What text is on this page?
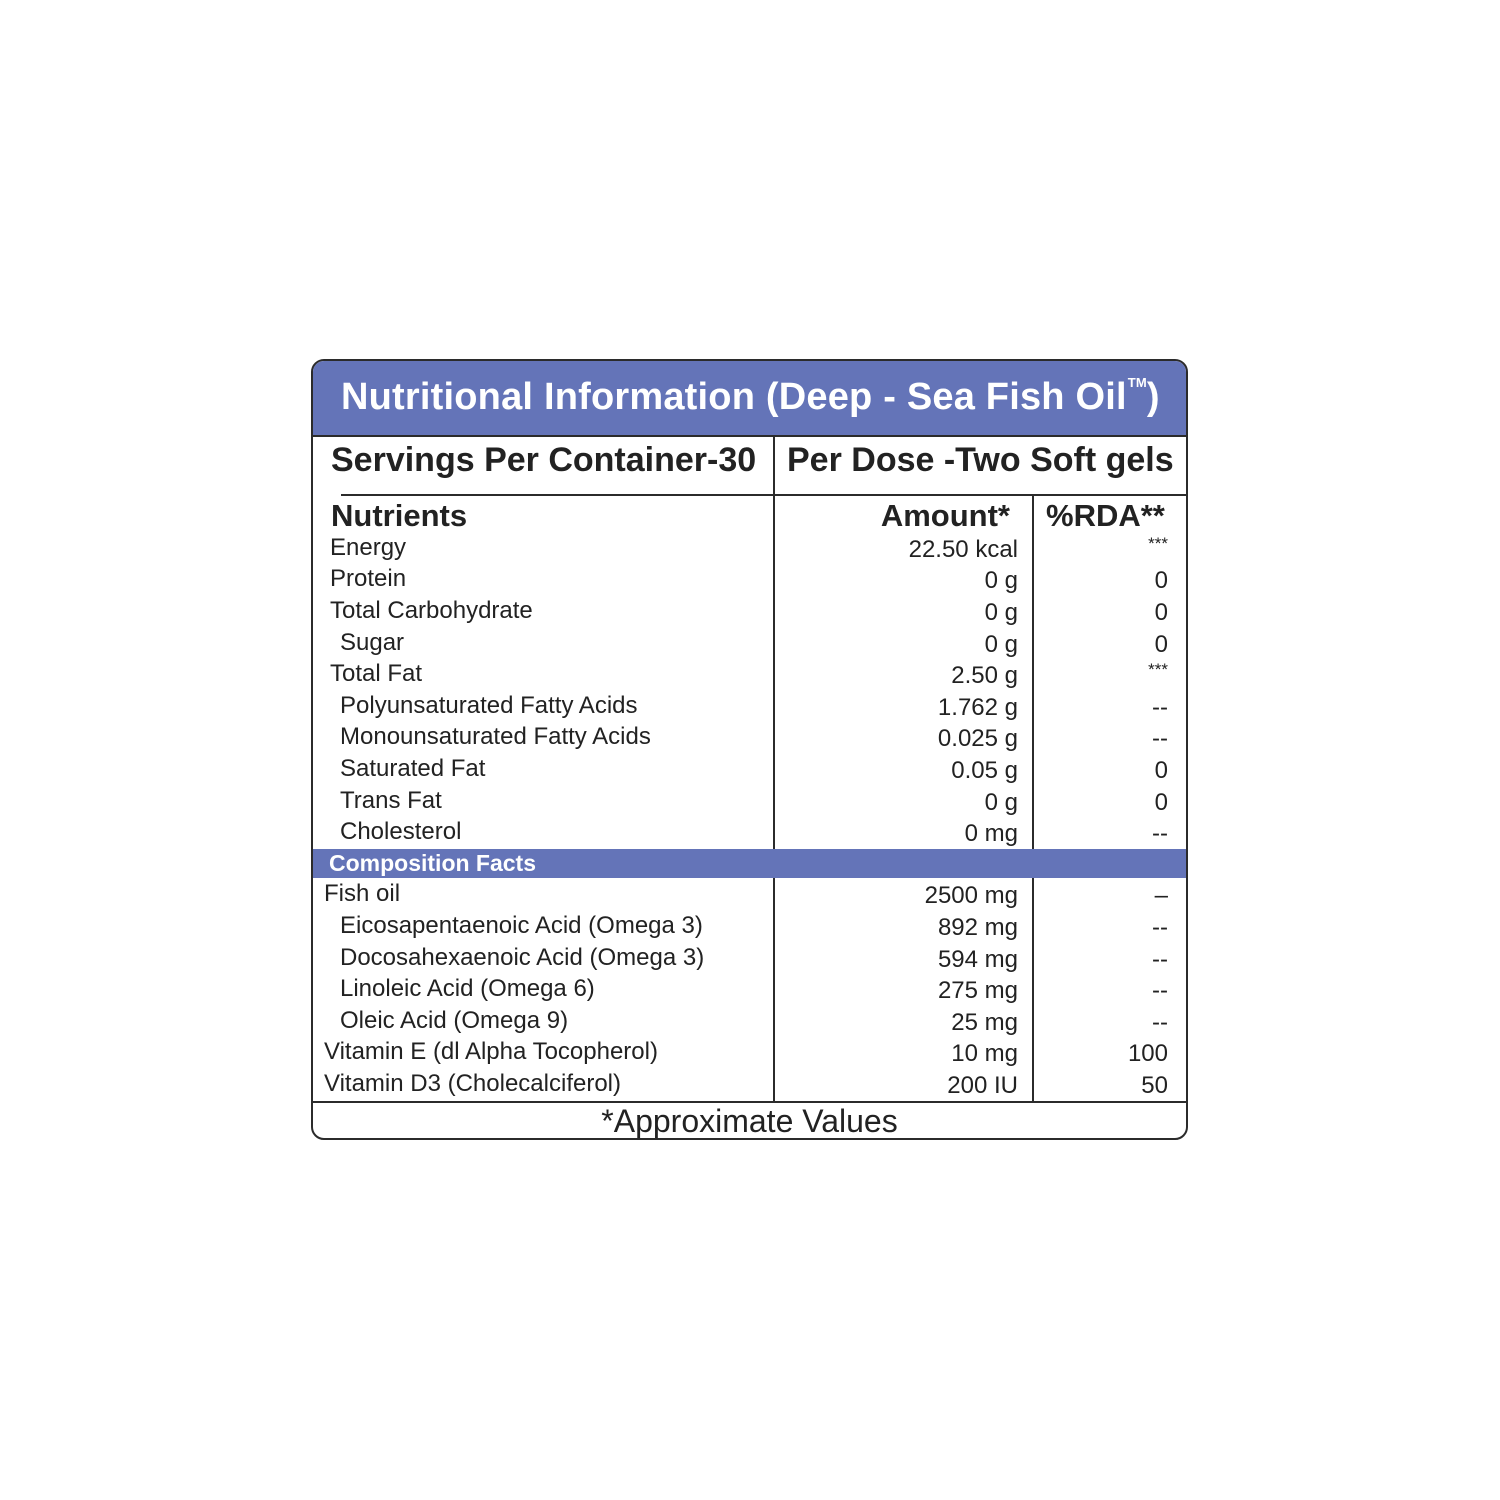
Nutritional Information (Deep - Sea Fish Oil™)
Servings Per Container-30 Per Dose -Two Soft gels
Nutrients	Amount* %RDA**
Energy	22.50 kcal	***
Protein	0 g	0
Total Carbohydrate	0 g	0
Sugar	0 g	0
Total Fat	2.50 g	***
Polyunsaturated Fatty Acids	1.762 g	--
Monounsaturated Fatty Acids	0.025 g	--
Saturated Fat	0.05 g	0
Trans Fat	0 g	0
Cholesterol	0 mg	--
Composition Facts
Fish oil	2500 mg	–
Eicosapentaenoic Acid (Omega 3)	892 mg	--
Docosahexaenoic Acid (Omega 3)	594 mg	--
Linoleic Acid (Omega 6)	275 mg	--
Oleic Acid (Omega 9)	25 mg	--
Vitamin E (dl Alpha Tocopherol)	10 mg	100
Vitamin D3 (Cholecalciferol)	200 IU	50
*Approximate Values
